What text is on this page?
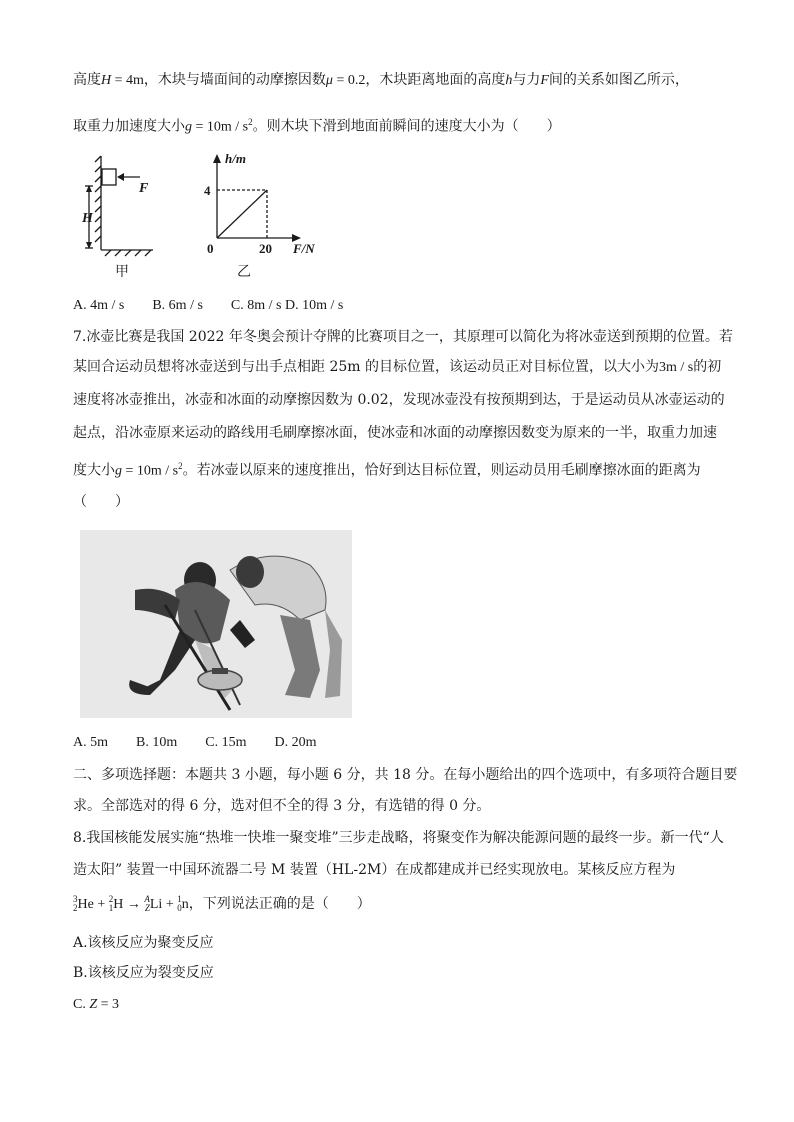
高度H = 4m，木块与墙面间的动摩擦因数μ = 0.2，木块距离地面的高度h与力F间的关系如图乙所示，
取重力加速度大小$g = 10m / s^2$。则木块下滑到地面前瞬间的速度大小为（　　）
F
H
甲
h/m
F/N
4
20
0
乙
A. 4m / s　　B. 6m / s　　C. 8m / s D. 10m / s
7.冰壶比赛是我国 2022 年冬奥会预计夺牌的比赛项目之一，其原理可以简化为将冰壶送到预期的位置。若
某回合运动员想将冰壶送到与出手点相距 25m 的目标位置，该运动员正对目标位置，以大小为3m / s的初
速度将冰壶推出，冰壶和冰面的动摩擦因数为 0.02，发现冰壶没有按预期到达，于是运动员从冰壶运动的
起点，沿冰壶原来运动的路线用毛刷摩擦冰面，使冰壶和冰面的动摩擦因数变为原来的一半，取重力加速
度大小$g = 10m / s^2$。若冰壶以原来的速度推出，恰好到达目标位置，则运动员用毛刷摩擦冰面的距离为
（　　）
A. 5m　　B. 10m　　C. 15m　　D. 20m
二、多项选择题：本题共 3 小题，每小题 6 分，共 18 分。在每小题给出的四个选项中，有多项符合题目要
求。全部选对的得 6 分，选对但不全的得 3 分，有选错的得 0 分。
8.我国核能发展实施“热堆一快堆一聚变堆”三步走战略，将聚变作为解决能源问题的最终一步。新一代“人
造太阳” 装置一中国环流器二号 M 装置（HL-2M）在成都建成并已经实现放电。某核反应方程为
3
2He + 2
1H → A
ZLi + 1
0n，下列说法正确的是（　　）
A.该核反应为聚变反应
B.该核反应为裂变反应
C. Z = 3
